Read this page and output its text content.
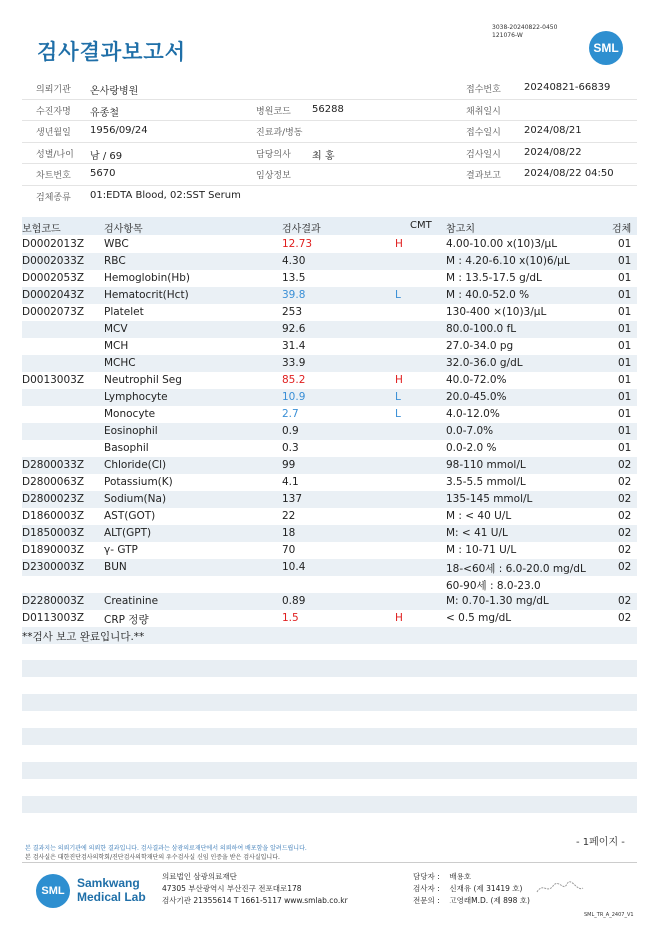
검사결과보고서
3038-20240822-0450
121076-W
SML
의뢰기관 온사랑병원	접수번호 20240821-66839
수진자명 유종철	병원코드 56288	채취일시
생년월일 1956/09/24	진료과/병동	접수일시 2024/08/21
성별/나이 남 / 69	담당의사 최 홍	검사일시 2024/08/22
차트번호 5670	임상정보	결과보고 2024/08/22 04:50
검체종류 01:EDTA Blood, 02:SST Serum
보험코드	검사항목	검사결과	CMT 참고치	검체
D0002013Z WBC	12.73	H	4.00-10.00 x(10)3/μL	01
D0002033Z RBC	4.30	M : 4.20-6.10 x(10)6/μL	01
D0002053Z Hemoglobin(Hb)	13.5	M : 13.5-17.5 g/dL	01
D0002043Z Hematocrit(Hct)	39.8	L	M : 40.0-52.0 %	01
D0002073Z Platelet	253	130-400 ×(10)3/μL	01
MCV	92.6	80.0-100.0 fL	01
MCH	31.4	27.0-34.0 pg	01
MCHC	33.9	32.0-36.0 g/dL	01
D0013003Z Neutrophil Seg	85.2	H	40.0-72.0%	01
Lymphocyte	10.9	L	20.0-45.0%	01
Monocyte	2.7	L	4.0-12.0%	01
Eosinophil	0.9	0.0-7.0%	01
Basophil	0.3	0.0-2.0 %	01
D2800033Z Chloride(Cl)	99	98-110 mmol/L	02
D2800063Z Potassium(K)	4.1	3.5-5.5 mmol/L	02
D2800023Z Sodium(Na)	137	135-145 mmol/L	02
D1860003Z AST(GOT)	22	M : < 40 U/L	02
D1850003Z ALT(GPT)	18	M: < 41 U/L	02
D1890003Z γ- GTP	70	M : 10-71 U/L	02
D2300003Z BUN	10.4	18-<60세 : 6.0-20.0 mg/dL	02
60-90세 : 8.0-23.0
D2280003Z Creatinine	0.89	M: 0.70-1.30 mg/dL	02
D0113003Z CRP 정량	1.5	H	< 0.5 mg/dL	02
**검사 보고 완료입니다.**
- 1페이지 -
본 결과지는 의뢰기관에 의뢰한 결과입니다. 검사결과는 삼광의료재단에서 의뢰하여 배포함을 알려드립니다.
본 검사실은 대한진단검사의학회/진단검사의학재단의 우수검사실 신임 인증을 받은 검사실입니다.
SML
Samkwang
Medical Lab
의료법인 삼광의료재단
47305 부산광역시 부산진구 전포대로178
검사기관 21355614 T 1661-5117 www.smlab.co.kr
담당자 : 배용호
검사자 : 신재유 (제 31419 호)
전문의 : 고영래M.D. (제 898 호)
SML_TR_A_2407_V1
